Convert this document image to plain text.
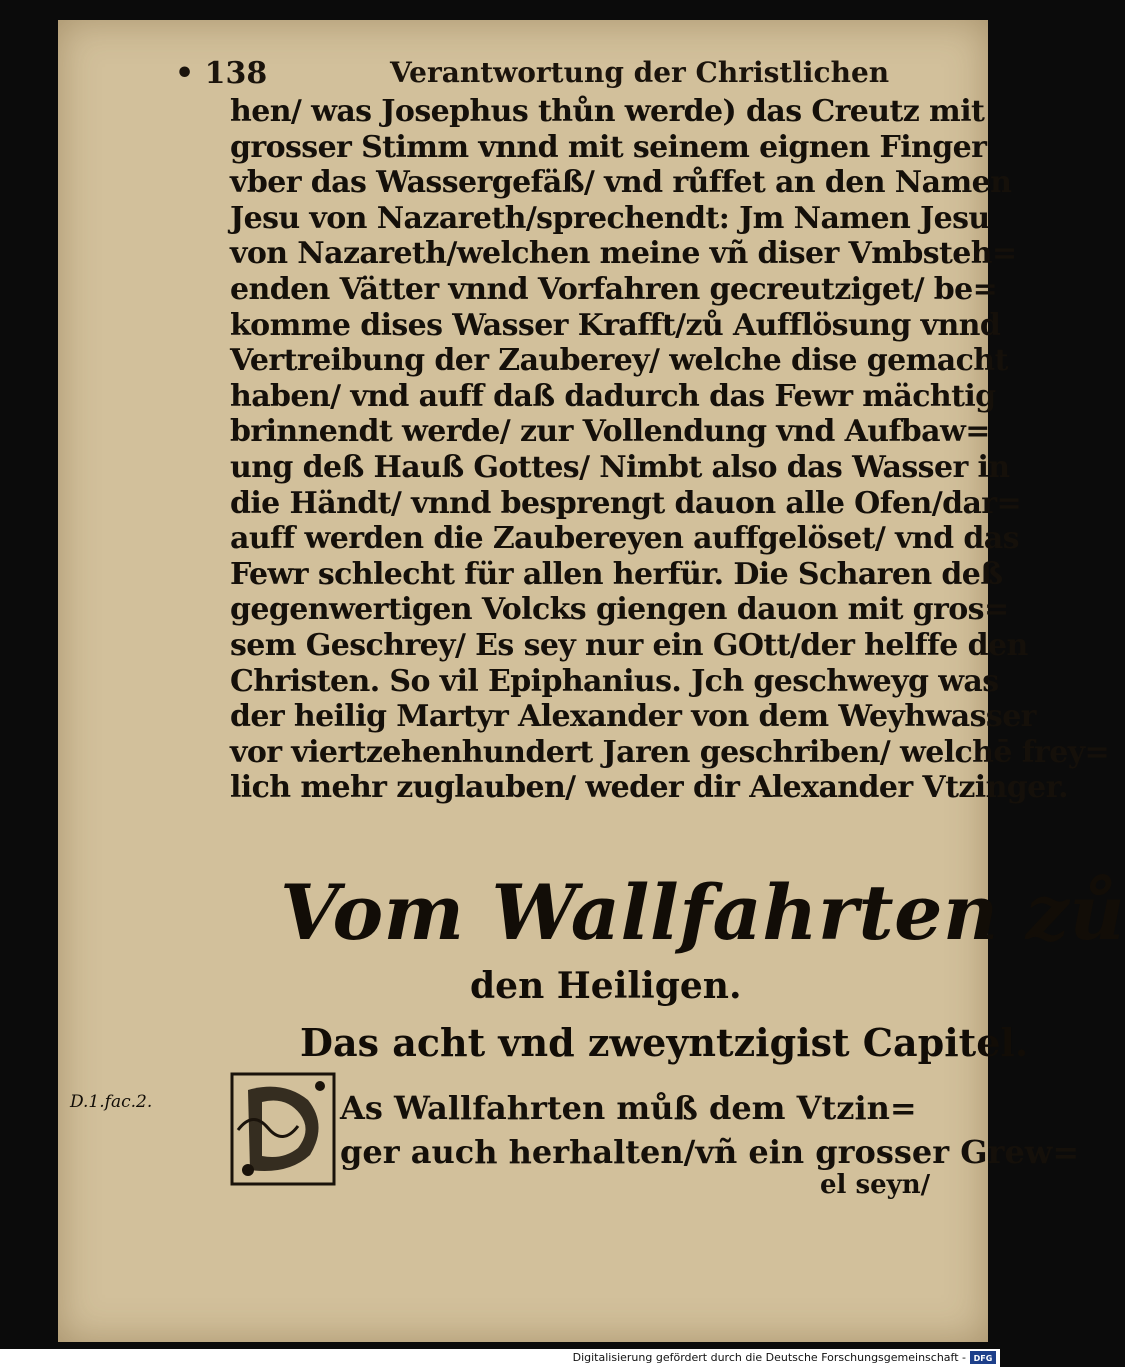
• 138	Verantwortung der Christlichen
hen/ was Josephus thůn werde) das Creutz mit
grosser Stimm vnnd mit seinem eignen Finger
vber das Wassergefäß/ vnd růffet an den Namen
Jesu von Nazareth/sprechendt: Jm Namen Jesu
von Nazareth/welchen meine vñ diser Vmbsteh=
enden Vätter vnnd Vorfahren gecreutziget/ be=
komme dises Wasser Krafft/zů Aufflösung vnnd
Vertreibung der Zauberey/ welche dise gemacht
haben/ vnd auff daß dadurch das Fewr mächtig
brinnendt werde/ zur Vollendung vnd Aufbaw=
ung deß Hauß Gottes/ Nimbt also das Wasser in
die Händt/ vnnd besprengt dauon alle Ofen/dar=
auff werden die Zaubereyen auffgelöset/ vnd das
Fewr schlecht für allen herfür. Die Scharen deß
gegenwertigen Volcks giengen dauon mit gros=
sem Geschrey/ Es sey nur ein GOtt/der helffe den
Christen. So vil Epiphanius. Jch geschweyg was
der heilig Martyr Alexander von dem Weyhwasser
vor viertzehenhundert Jaren geschriben/ welchē frey=
lich mehr zuglauben/ weder dir Alexander Vtzinger.
Vom Wallfahrten zů
den Heiligen.
Das acht vnd zweyntzigist Capitel.
D.1.fac.2.	As Wallfahrten můß dem Vtzin=
ger auch herhalten/vñ ein grosser Grew=
el seyn/
Digitalisierung gefördert durch die Deutsche Forschungsgemeinschaft - DFG
